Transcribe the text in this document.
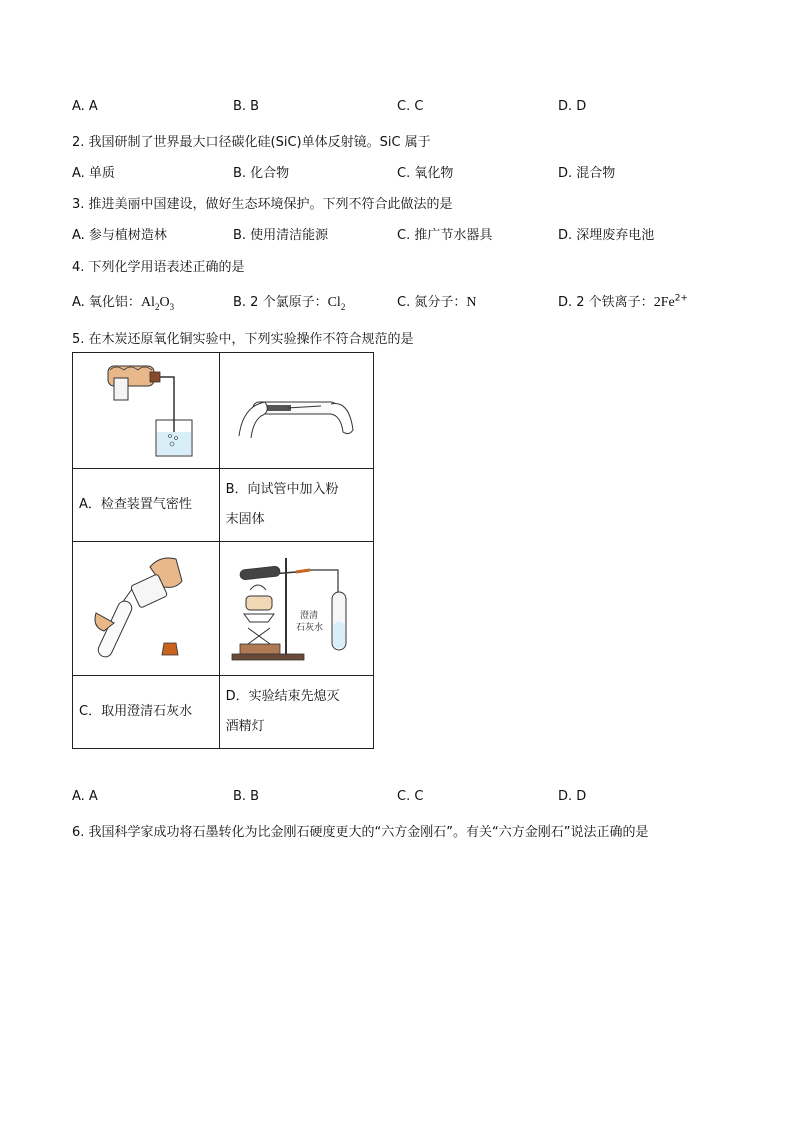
A. A	B. B	C. C	D. D
2. 我国研制了世界最大口径碳化硅(SiC)单体反射镜。SiC 属于
A. 单质	B. 化合物	C. 氧化物	D. 混合物
3. 推进美丽中国建设，做好生态环境保护。下列不符合此做法的是
A. 参与植树造林	B. 使用清洁能源	C. 推广节水器具	D. 深埋废弃电池
4. 下列化学用语表述正确的是
A. 氧化铝：$Al_2O_3$	B. 2 个氯原子：$Cl_2$	C. 氮分子：N	D. 2 个铁离子：$2Fe^{2+}$
5. 在木炭还原氧化铜实验中，下列实验操作不符合规范的是

A．检查装置气密性	B．向试管中加入粉
末固体

澄清
石灰水

C．取用澄清石灰水	D．实验结束先熄灭
酒精灯
A. A	B. B	C. C	D. D
6. 我国科学家成功将石墨转化为比金刚石硬度更大的“六方金刚石”。有关“六方金刚石”说法正确的是
